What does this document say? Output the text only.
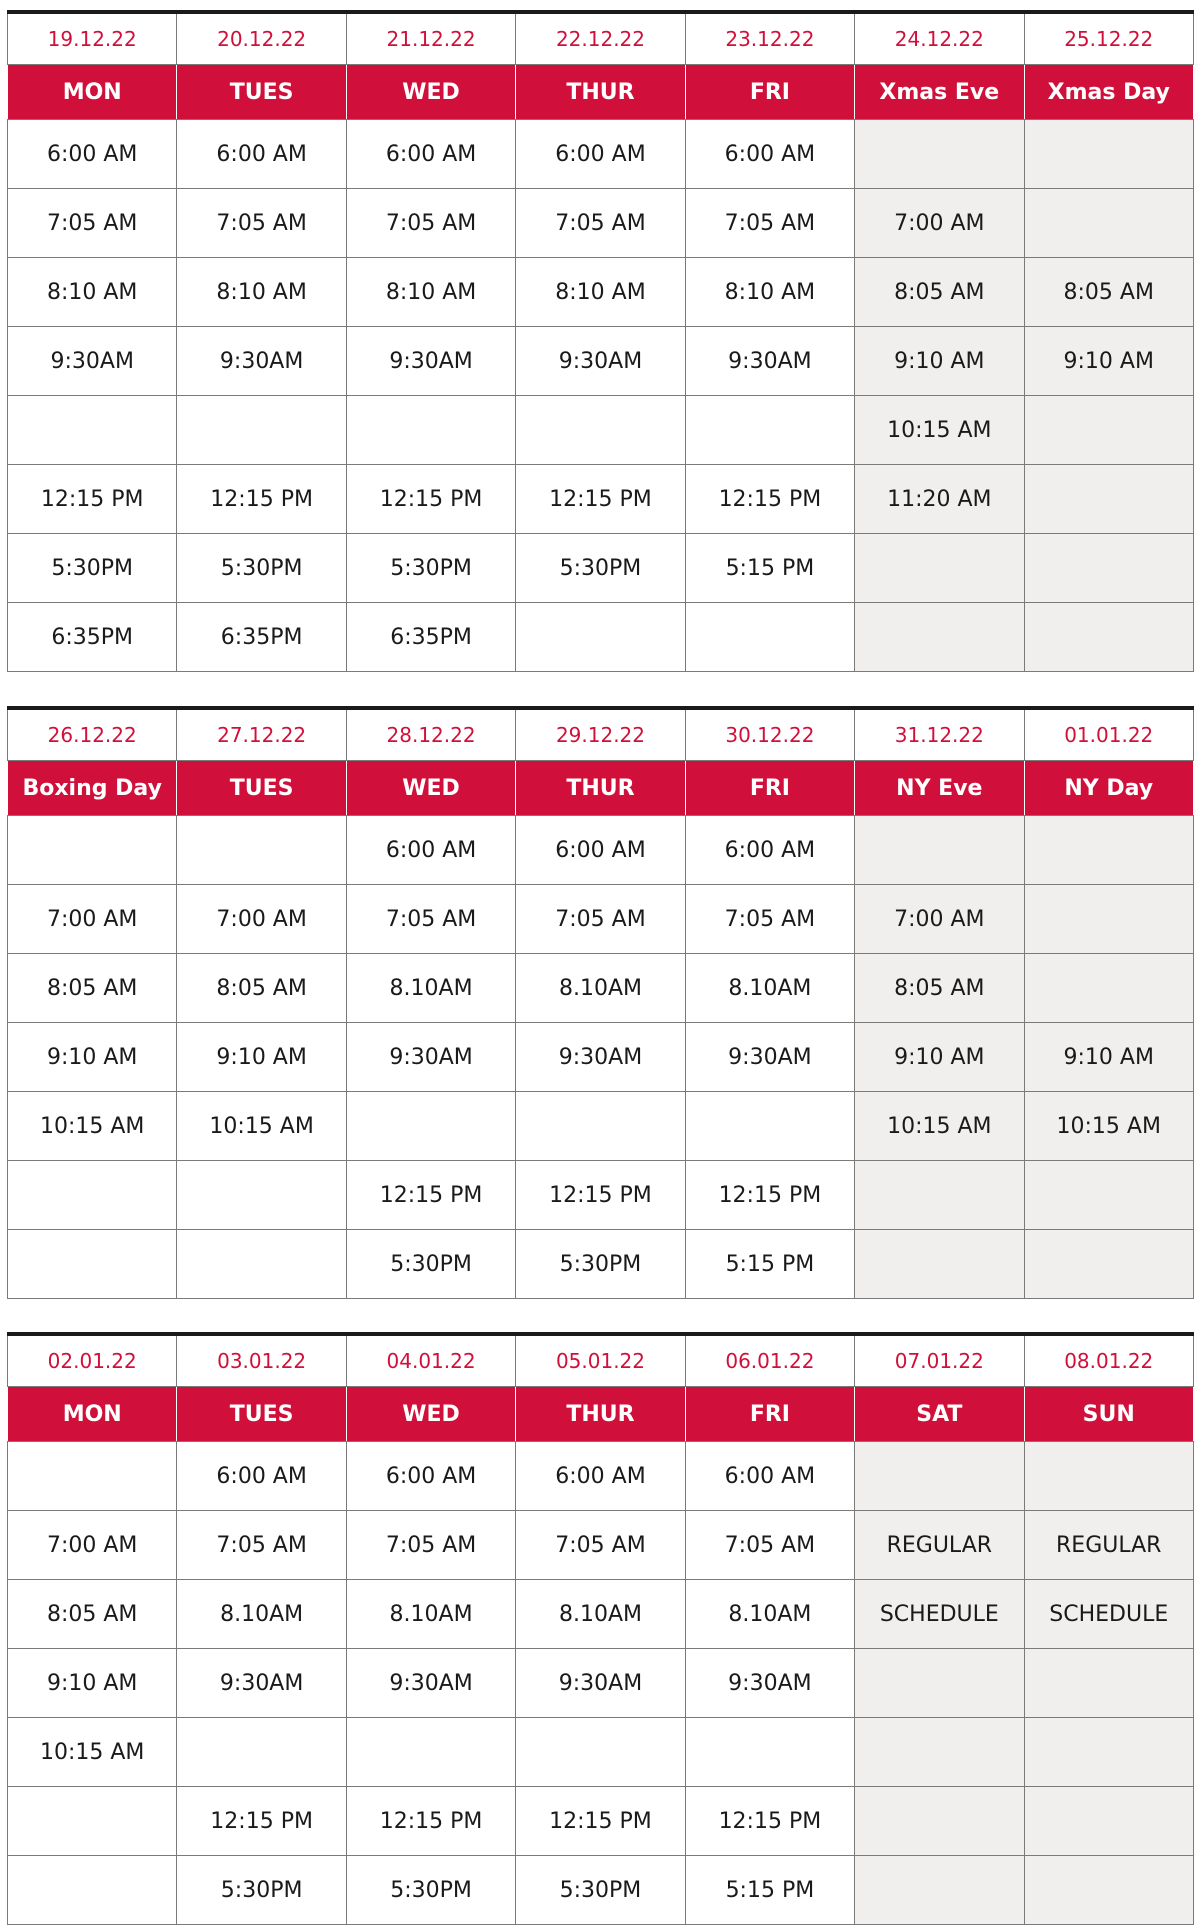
19.12.22	20.12.22	21.12.22	22.12.22	23.12.22	24.12.22	25.12.22
MON	TUES	WED	THUR	FRI	Xmas Eve	Xmas Day
6:00 AM	6:00 AM	6:00 AM	6:00 AM	6:00 AM		
7:05 AM	7:05 AM	7:05 AM	7:05 AM	7:05 AM	7:00 AM	
8:10 AM	8:10 AM	8:10 AM	8:10 AM	8:10 AM	8:05 AM	8:05 AM
9:30AM	9:30AM	9:30AM	9:30AM	9:30AM	9:10 AM	9:10 AM
					10:15 AM	
12:15 PM	12:15 PM	12:15 PM	12:15 PM	12:15 PM	11:20 AM	
5:30PM	5:30PM	5:30PM	5:30PM	5:15 PM		
6:35PM	6:35PM	6:35PM				
26.12.22	27.12.22	28.12.22	29.12.22	30.12.22	31.12.22	01.01.22
Boxing Day	TUES	WED	THUR	FRI	NY Eve	NY Day
		6:00 AM	6:00 AM	6:00 AM		
7:00 AM	7:00 AM	7:05 AM	7:05 AM	7:05 AM	7:00 AM	
8:05 AM	8:05 AM	8.10AM	8.10AM	8.10AM	8:05 AM	
9:10 AM	9:10 AM	9:30AM	9:30AM	9:30AM	9:10 AM	9:10 AM
10:15 AM	10:15 AM				10:15 AM	10:15 AM
		12:15 PM	12:15 PM	12:15 PM		
		5:30PM	5:30PM	5:15 PM		
02.01.22	03.01.22	04.01.22	05.01.22	06.01.22	07.01.22	08.01.22
MON	TUES	WED	THUR	FRI	SAT	SUN
	6:00 AM	6:00 AM	6:00 AM	6:00 AM		
7:00 AM	7:05 AM	7:05 AM	7:05 AM	7:05 AM	REGULAR	REGULAR
8:05 AM	8.10AM	8.10AM	8.10AM	8.10AM	SCHEDULE	SCHEDULE
9:10 AM	9:30AM	9:30AM	9:30AM	9:30AM		
10:15 AM						
	12:15 PM	12:15 PM	12:15 PM	12:15 PM		
	5:30PM	5:30PM	5:30PM	5:15 PM		
